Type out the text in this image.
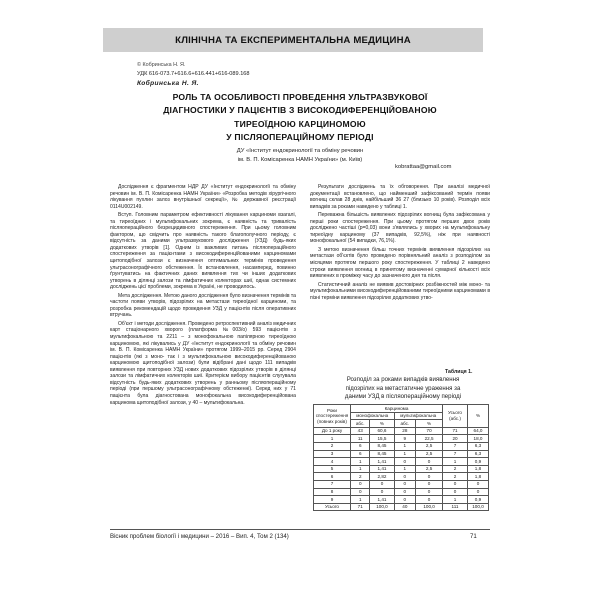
КЛІНІЧНА ТА ЕКСПЕРИМЕНТАЛЬНА МЕДИЦИНА
© Кобринська Н. Я.
УДК 616-073.7+616.6+616.441+616-089.168
Кобринська Н. Я.
РОЛЬ ТА ОСОБЛИВОСТІ ПРОВЕДЕННЯ УЛЬТРАЗВУКОВОЇ
ДІАГНОСТИКИ У ПАЦІЄНТІВ З ВИСОКОДИФЕРЕНЦІЙОВАНОЮ
ТИРЕОЇДНОЮ КАРЦИНОМОЮ
У ПІСЛЯОПЕРАЦІЙНОМУ ПЕРІОДІ
ДУ «Інститут ендокринології та обміну речовин
ім. В. П. Комісаренка НАМН України» (м. Київ)
kobrattaa@gmail.com

Дослідження є фрагментом НДР ДУ «Інститут ендокринології та обміну речовин ім. В. П. Комісаренка НАМН України» «Розробка методів хірургічного лікування пухлин залоз внутрішньої секреції», № державної реєстрації 0114U002149.

Вступ. Головним параметром ефективності лікування карциноми взагалі, та тиреоїдних і мультифокальних зокрема, є наявність та тривалість післяопераційного безрецидивного спостереження. При цьому головним фактором, що свідчить про наявність такого благополучного періоду, є відсутність за даними ультразвукового дослідження (УЗД) будь-яких додаткових утворів [1]. Одним із важливих питань післяопераційного спостереження за пацієнтами з високодиференційованими карциномами щитоподібної залози є визначення оптимальних термінів проведення ультрасонографічного обстеження. Їх встановлення, насамперед, повинно ґрунтуватись на фактичних даних виявлення тих чи інших додаткових утворень в ділянці залози та лімфатичних колекторах шиї, однак системних досліджень цієї проблеми, зокрема в Україні, не проводилось.

Мета дослідження. Метою даного дослідження було визначення термінів та частоти появи утворів, підозрілих на метастази тиреоїдної карциноми, та розробка рекомендацій щодо проведення УЗД у пацієнтів після оперативних втручань.

Об'єкт і методи дослідження. Проведено ретроспективний аналіз медичних карт стаціонарного хворого (платформа №003/о) 593 пацієнтів з мультифокальною та 2211 – з монофокальною папілярною тиреоїдною карциномою, які лікувались у ДУ «Інститут ендокринології та обміну речовин ім. В. П. Комісаренка НАМН України» протягом 1999–2015 рр. Серед 2904 пацієнтів (які з моно- так і з мультифокальною високодиференційованою карциномою щитоподібної залози) були відібрані дані щодо 111 випадків виявлення при повторних УЗД нових додаткових підозрілих утворів в ділянці залози та лімфатичних колекторів шиї. Критерієм вибору пацієнтів слугувала відсутність будь-яких додаткових утворень у ранньому післяопераційному періоді (при першому ультрасонографічному обстеженні). Серед них у 71 пацієнта була діагностована монофокальна високодиференційована карцинома щитоподібної залози, у 40 – мультифокальна.

Результати досліджень та їх обговорення. При аналізі медичної документації встановлено, що найменший зафіксований термін появи вогнищ склав 28 днів, найбільший 36 27 (близько 10 років). Розподіл всіх випадків за роками наведено у таблиці 1.

Переважна більшість виявлених підозрілих вогнищ була зафіксована у перші роки спостереження. При цьому протягом перших двох років досліджено частішi (p=0,03) вони з'являлись у хворих на мультифокальну тиреоїдну карциному (37 випадків, 92,5%), ніж при наявності монофокальної (54 випадки, 76,1%).

З метою визначення більш точних термінів виявлення підозрілих на метастази об'єктів було проведено порівняльний аналіз з розподілом за місяцями протягом першого року спостереження. У таблиці 2 наведено строки виявлення вогнищ в принятому визначенні сумарної кількості всіх виявлених в проміжку часу до зазначеного дня та після.

Статистичний аналіз не виявив достовірних розбіжностей між моно- та мультифокальними високодиференційованими тиреоїдними карциномами в пізні терміни виявлення підозрілих додаткових утво-

Таблиця 1.
Розподіл за роками випадків виявлення
підозрілих на метастатичне ураження за
даними УЗД в післяопераційному періоді
Роки спостереження (повних років)	Карцинома				Усього (абс.)	%
	монофокальна		мультифокальна			
	абс.	%	абс.	%		
До 1 року	43	60,6	28	70	71	64,0
1	11	15,5	9	22,5	20	18,0
2	6	8,45	1	2,5	7	6,3
3	6	8,45	1	2,5	7	6,3
4	1	1,41	0	0	1	0,9
5	1	1,41	1	2,5	2	1,8
6	2	2,82	0	0	2	1,8
7	0	0	0	0	0	0
8	0	0	0	0	0	0
9	1	1,41	0	0	1	0,9
Усього	71	100,0	40	100,0	111	100,0
Вісник проблем біології і медицини – 2016 – Вип. 4, Том 2 (134)	71
